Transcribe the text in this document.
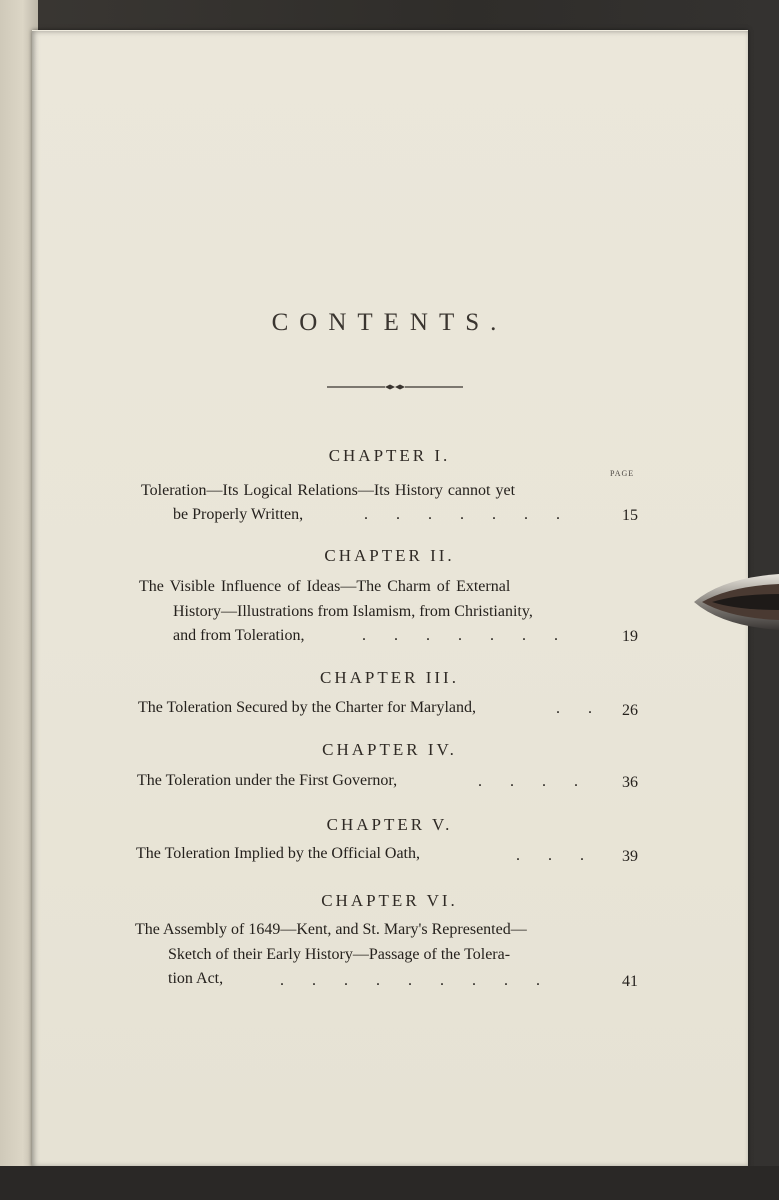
CONTENTS.
CHAPTER I.
PAGE
Toleration—Its Logical Relations—Its History cannot yet
be Properly Written,	.       .       .       .       .       .       .	15
CHAPTER II.
The Visible Influence of Ideas—The Charm of External
History—Illustrations from Islamism, from Christianity,
and from Toleration,	.       .       .       .       .       .       .	19
CHAPTER III.
The Toleration Secured by the Charter for Maryland,	.       . 26
CHAPTER IV.
The Toleration under the First Governor,	.       .       .       .	36
CHAPTER V.
The Toleration Implied by the Official Oath,	.       .       . 39
CHAPTER VI.
The Assembly of 1649—Kent, and St. Mary's Represented—
Sketch of their Early History—Passage of the Tolera-
tion Act,	.       .       .       .       .       .       .       .       .	41
